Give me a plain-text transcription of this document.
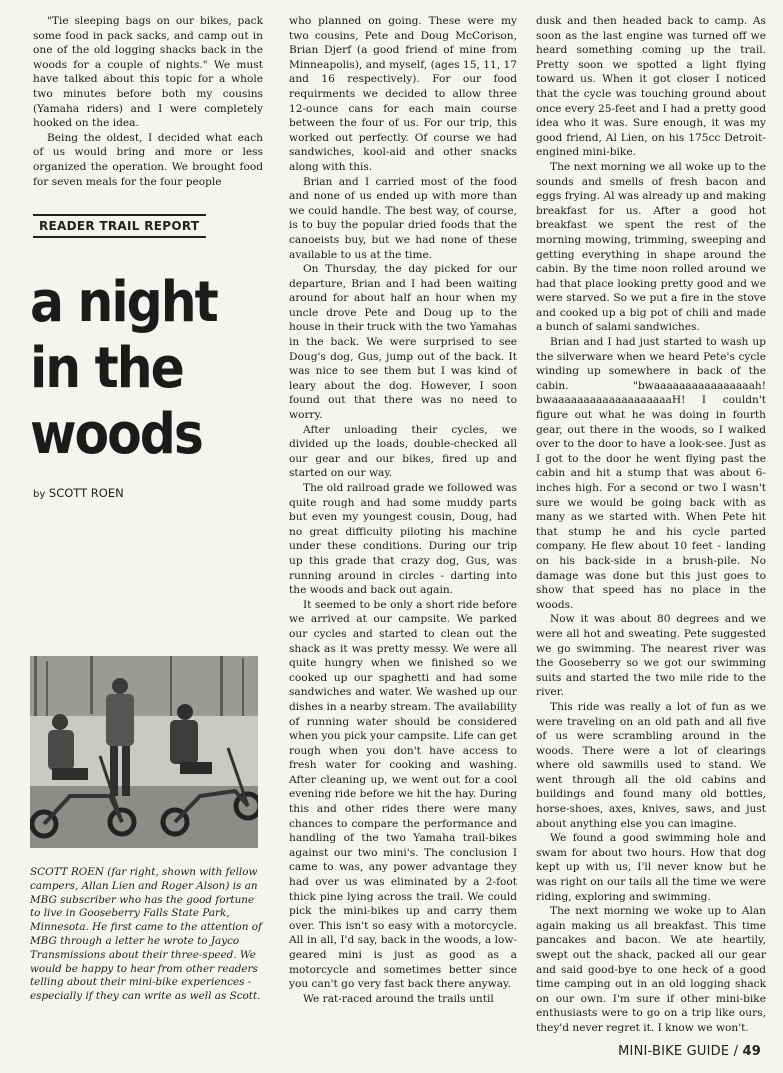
"Tie sleeping bags on our bikes, pack some food in pack sacks, and camp out in one of the old logging shacks back in the woods for a couple of nights." We must have talked about this topic for a whole two minutes before both my cousins (Yamaha riders) and I were completely hooked on the idea.

Being the oldest, I decided what each of us would bring and more or less organized the operation. We brought food for seven meals for the four people

READER TRAIL REPORT
a night
in the
woods
by SCOTT ROEN
SCOTT ROEN (far right, shown with fellow campers, Allan Lien and Roger Alson) is an MBG subscriber who has the good fortune to live in Gooseberry Falls State Park, Minnesota. He first came to the attention of MBG through a letter he wrote to Jayco Transmissions about their three-speed. We would be happy to hear from other readers telling about their mini-bike experiences - especially if they can write as well as Scott.

who planned on going. These were my two cousins, Pete and Doug McCorison, Brian Djerf (a good friend of mine from Minneapolis), and myself, (ages 15, 11, 17 and 16 respectively). For our food requirments we decided to allow three 12-ounce cans for each main course between the four of us. For our trip, this worked out perfectly. Of course we had sandwiches, kool-aid and other snacks along with this.

Brian and I carried most of the food and none of us ended up with more than we could handle. The best way, of course, is to buy the popular dried foods that the canoeists buy, but we had none of these available to us at the time.

On Thursday, the day picked for our departure, Brian and I had been waiting around for about half an hour when my uncle drove Pete and Doug up to the house in their truck with the two Yamahas in the back. We were surprised to see Doug's dog, Gus, jump out of the back. It was nice to see them but I was kind of leary about the dog. However, I soon found out that there was no need to worry.

After unloading their cycles, we divided up the loads, double-checked all our gear and our bikes, fired up and started on our way.

The old railroad grade we followed was quite rough and had some muddy parts but even my youngest cousin, Doug, had no great difficulty piloting his machine under these conditions. During our trip up this grade that crazy dog, Gus, was running around in circles - darting into the woods and back out again.

It seemed to be only a short ride before we arrived at our campsite. We parked our cycles and started to clean out the shack as it was pretty messy. We were all quite hungry when we finished so we cooked up our spaghetti and had some sandwiches and water. We washed up our dishes in a nearby stream. The availability of running water should be considered when you pick your campsite. Life can get rough when you don't have access to fresh water for cooking and washing. After cleaning up, we went out for a cool evening ride before we hit the hay. During this and other rides there were many chances to compare the performance and handling of the two Yamaha trail-bikes against our two mini's. The conclusion I came to was, any power advantage they had over us was eliminated by a 2-foot thick pine lying across the trail. We could pick the mini-bikes up and carry them over. This isn't so easy with a motorcycle. All in all, I'd say, back in the woods, a low-geared mini is just as good as a motorcycle and sometimes better since you can't go very fast back there anyway.

We rat-raced around the trails until

dusk and then headed back to camp. As soon as the last engine was turned off we heard something coming up the trail. Pretty soon we spotted a light flying toward us. When it got closer I noticed that the cycle was touching ground about once every 25-feet and I had a pretty good idea who it was. Sure enough, it was my good friend, Al Lien, on his 175cc Detroit-engined mini-bike.

The next morning we all woke up to the sounds and smells of fresh bacon and eggs frying. Al was already up and making breakfast for us. After a good hot breakfast we spent the rest of the morning mowing, trimming, sweeping and getting everything in shape around the cabin. By the time noon rolled around we had that place looking pretty good and we were starved. So we put a fire in the stove and cooked up a big pot of chili and made a bunch of salami sandwiches.

Brian and I had just started to wash up the silverware when we heard Pete's cycle winding up somewhere in back of the cabin. "bwaaaaaaaaaaaaaaaah! bwaaaaaaaaaaaaaaaaaaaH! I couldn't figure out what he was doing in fourth gear, out there in the woods, so I walked over to the door to have a look-see. Just as I got to the door he went flying past the cabin and hit a stump that was about 6-inches high. For a second or two I wasn't sure we would be going back with as many as we started with. When Pete hit that stump he and his cycle parted company. He flew about 10 feet - landing on his back-side in a brush-pile. No damage was done but this just goes to show that speed has no place in the woods.

Now it was about 80 degrees and we were all hot and sweating. Pete suggested we go swimming. The nearest river was the Gooseberry so we got our swimming suits and started the two mile ride to the river.

This ride was really a lot of fun as we were traveling on an old path and all five of us were scrambling around in the woods. There were a lot of clearings where old sawmills used to stand. We went through all the old cabins and buildings and found many old bottles, horse-shoes, axes, knives, saws, and just about anything else you can imagine.

We found a good swimming hole and swam for about two hours. How that dog kept up with us, I'll never know but he was right on our tails all the time we were riding, exploring and swimming.

The next morning we woke up to Alan again making us all breakfast. This time pancakes and bacon. We ate heartily, swept out the shack, packed all our gear and said good-bye to one heck of a good time camping out in an old logging shack on our own. I'm sure if other mini-bike enthusiasts were to go on a trip like ours, they'd never regret it. I know we won't.

MINI-BIKE GUIDE / 49
